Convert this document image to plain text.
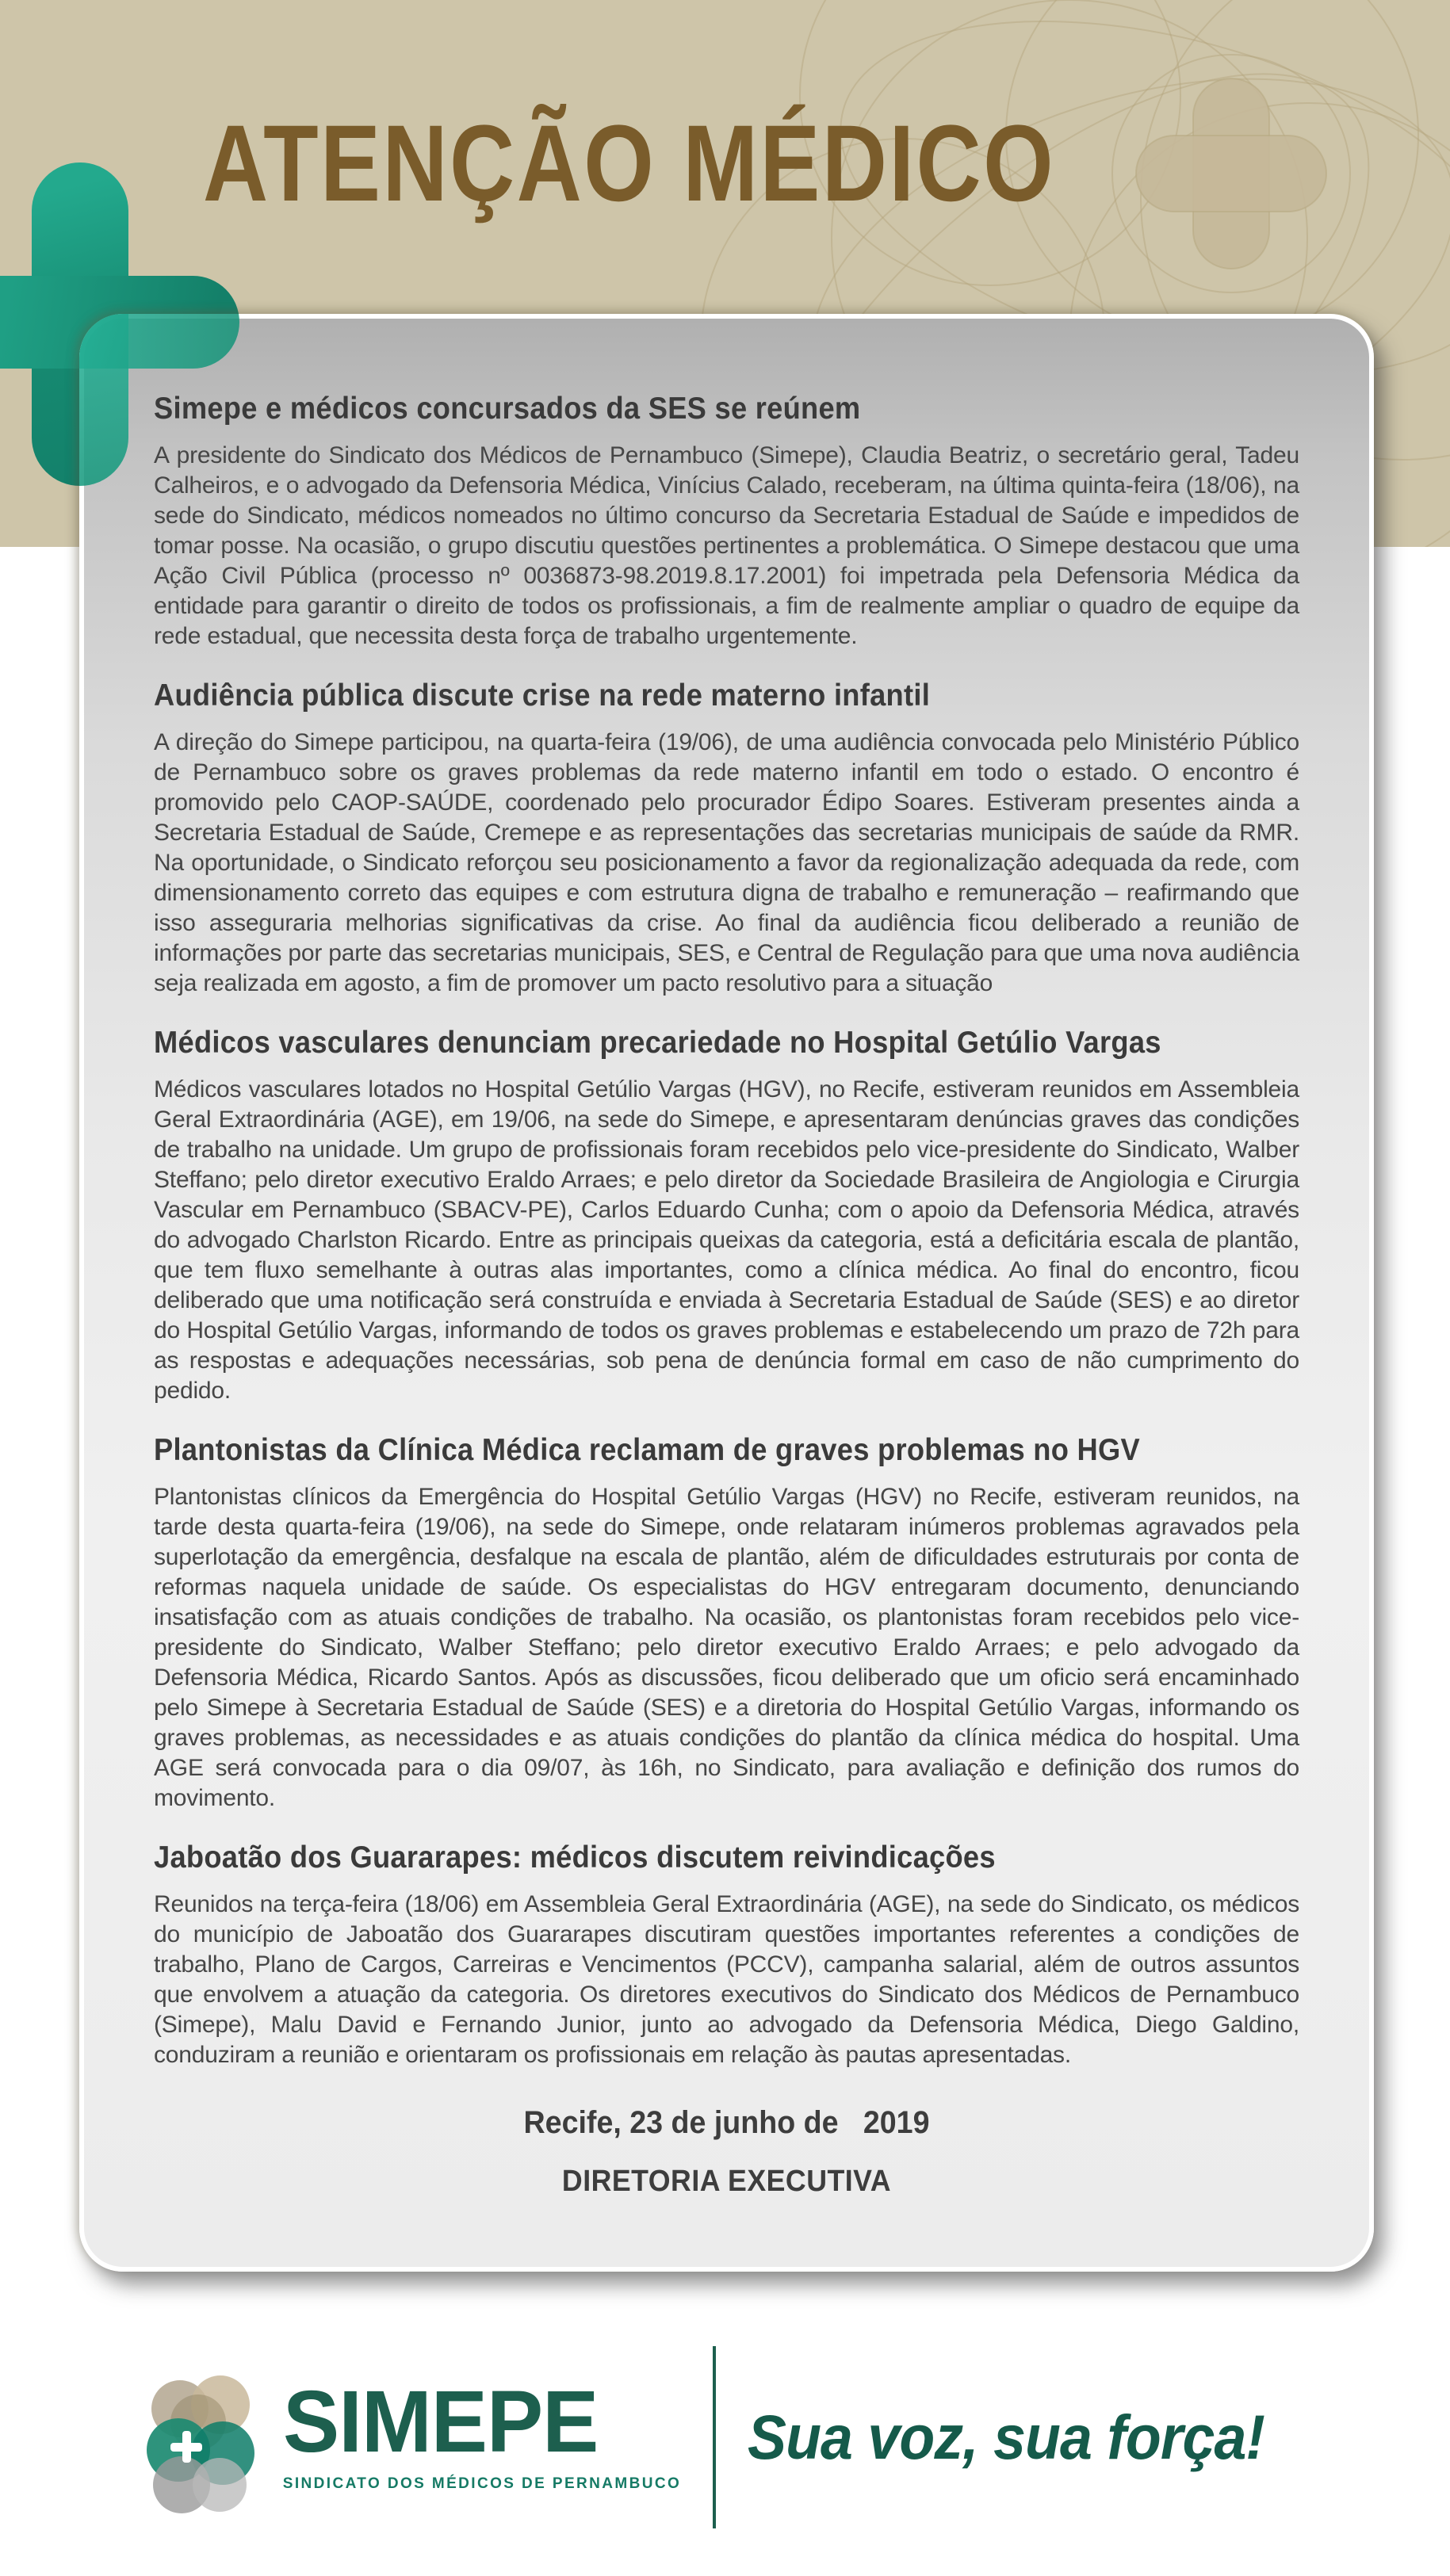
ATENÇÃO MÉDICO
Simepe e médicos concursados da SES se reúnem

A presidente do Sindicato dos Médicos de Pernambuco (Simepe), Claudia Beatriz, o secretário geral, Tadeu Calheiros, e o advogado da Defensoria Médica, Vinícius Calado, receberam, na última quinta-feira (18/06), na sede do Sindicato, médicos nomeados no último concurso da Secretaria Estadual de Saúde e impedidos de tomar posse. Na ocasião, o grupo discutiu questões pertinentes a problemática. O Simepe destacou que uma Ação Civil Pública (processo nº 0036873-98.2019.8.17.2001) foi impetrada pela Defensoria Médica da entidade para garantir o direito de todos os profissionais, a fim de realmente ampliar o quadro de equipe da rede estadual, que necessita desta força de trabalho urgentemente.

Audiência pública discute crise na rede materno infantil

A direção do Simepe participou, na quarta-feira (19/06), de uma audiência convocada pelo Ministério Público de Pernambuco sobre os graves problemas da rede materno infantil em todo o estado. O encontro é promovido pelo CAOP-SAÚDE, coordenado pelo procurador Édipo Soares. Estiveram presentes ainda a Secretaria Estadual de Saúde, Cremepe e as representações das secretarias municipais de saúde da RMR. Na oportunidade, o Sindicato reforçou seu posicionamento a favor da regionalização adequada da rede, com dimensionamento correto das equipes e com estrutura digna de trabalho e remuneração – reafirmando que isso asseguraria melhorias significativas da crise. Ao final da audiência ficou deliberado a reunião de informações por parte das secretarias municipais, SES, e Central de Regulação para que uma nova audiência seja realizada em agosto, a fim de promover um pacto resolutivo para a situação

Médicos vasculares denunciam precariedade no Hospital Getúlio Vargas

Médicos vasculares lotados no Hospital Getúlio Vargas (HGV), no Recife, estiveram reunidos em Assembleia Geral Extraordinária (AGE), em 19/06, na sede do Simepe, e apresentaram denúncias graves das condições de trabalho na unidade. Um grupo de profissionais foram recebidos pelo vice-presidente do Sindicato, Walber Steffano; pelo diretor executivo Eraldo Arraes; e pelo diretor da Sociedade Brasileira de Angiologia e Cirurgia Vascular em Pernambuco (SBACV-PE), Carlos Eduardo Cunha; com o apoio da Defensoria Médica, através do advogado Charlston Ricardo. Entre as principais queixas da categoria, está a deficitária escala de plantão, que tem fluxo semelhante à outras alas importantes, como a clínica médica. Ao final do encontro, ficou deliberado que uma notificação será construída e enviada à Secretaria Estadual de Saúde (SES) e ao diretor do Hospital Getúlio Vargas, informando de todos os graves problemas e estabelecendo um prazo de 72h para as respostas e adequações necessárias, sob pena de denúncia formal em caso de não cumprimento do pedido.

Plantonistas da Clínica Médica reclamam de graves problemas no HGV

Plantonistas clínicos da Emergência do Hospital Getúlio Vargas (HGV) no Recife, estiveram reunidos, na tarde desta quarta-feira (19/06), na sede do Simepe, onde relataram inúmeros problemas agravados pela superlotação da emergência, desfalque na escala de plantão, além de dificuldades estruturais por conta de reformas naquela unidade de saúde. Os especialistas do HGV entregaram documento, denunciando insatisfação com as atuais condições de trabalho. Na ocasião, os plantonistas foram recebidos pelo vice-presidente do Sindicato, Walber Steffano; pelo diretor executivo Eraldo Arraes; e pelo advogado da Defensoria Médica, Ricardo Santos. Após as discussões, ficou deliberado que um oficio será encaminhado pelo Simepe à Secretaria Estadual de Saúde (SES) e a diretoria do Hospital Getúlio Vargas, informando os graves problemas, as necessidades e as atuais condições do plantão da clínica médica do hospital. Uma AGE será convocada para o dia 09/07, às 16h, no Sindicato, para avaliação e definição dos rumos do movimento.

Jaboatão dos Guararapes: médicos discutem reivindicações

Reunidos na terça-feira (18/06) em Assembleia Geral Extraordinária (AGE), na sede do Sindicato, os médicos do município de Jaboatão dos Guararapes discutiram questões importantes referentes a condições de trabalho, Plano de Cargos, Carreiras e Vencimentos (PCCV), campanha salarial, além de outros assuntos que envolvem a atuação da categoria. Os diretores executivos do Sindicato dos Médicos de Pernambuco (Simepe), Malu David e Fernando Junior, junto ao advogado da Defensoria Médica, Diego Galdino, conduziram a reunião e orientaram os profissionais em relação às pautas apresentadas.

Recife, 23 de junho de   2019
DIRETORIA EXECUTIVA
SIMEPE
SINDICATO DOS MÉDICOS DE PERNAMBUCO
Sua voz, sua força!
